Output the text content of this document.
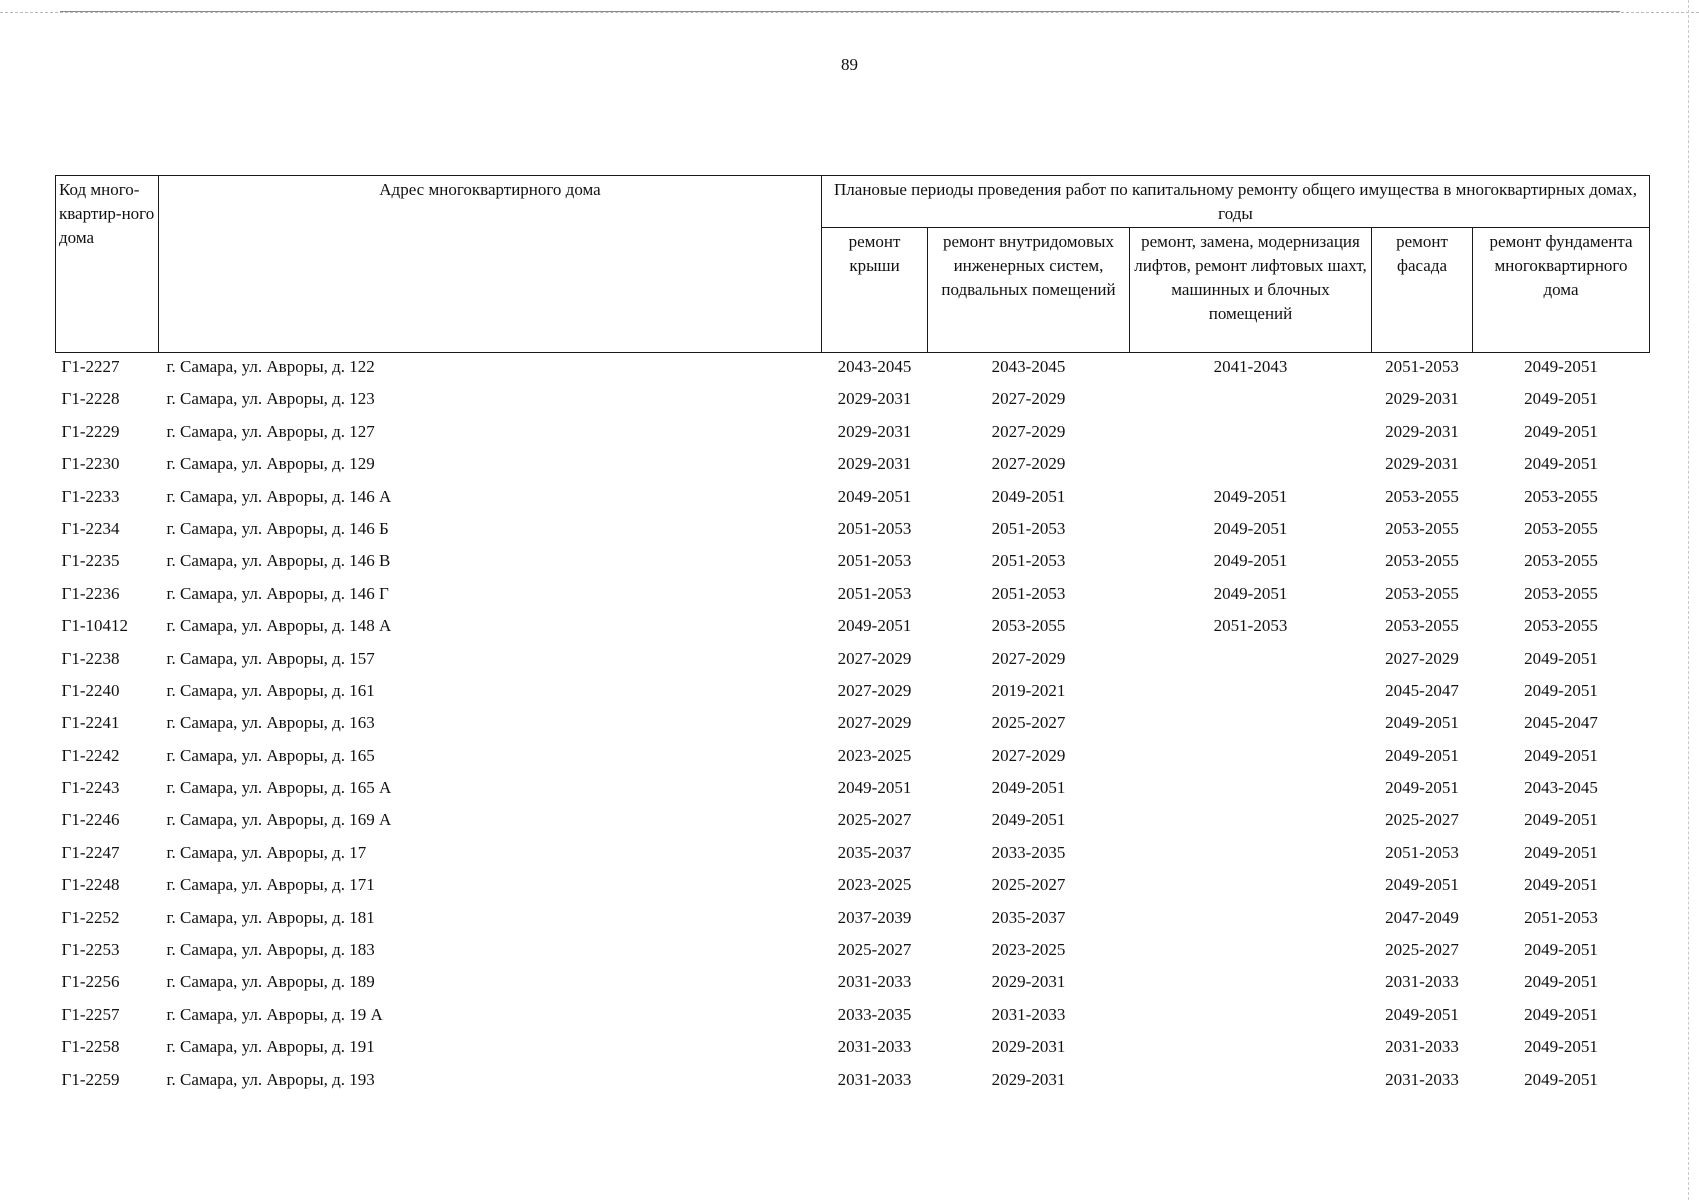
89
Код много-квартир-ного дома	Адрес многоквартирного дома	Плановые периоды проведения работ по капитальному ремонту общего имущества в многоквартирных домах, годы				
		ремонт крыши	ремонт внутридомовых инженерных систем, подвальных помещений	ремонт, замена, модернизация лифтов, ремонт лифтовых шахт, машинных и блочных помещений	ремонт фасада	ремонт фундамента многоквартирного дома
Г1-2227	г. Самара, ул. Авроры, д. 122	2043-2045	2043-2045	2041-2043	2051-2053	2049-2051
Г1-2228	г. Самара, ул. Авроры, д. 123	2029-2031	2027-2029		2029-2031	2049-2051
Г1-2229	г. Самара, ул. Авроры, д. 127	2029-2031	2027-2029		2029-2031	2049-2051
Г1-2230	г. Самара, ул. Авроры, д. 129	2029-2031	2027-2029		2029-2031	2049-2051
Г1-2233	г. Самара, ул. Авроры, д. 146 А	2049-2051	2049-2051	2049-2051	2053-2055	2053-2055
Г1-2234	г. Самара, ул. Авроры, д. 146 Б	2051-2053	2051-2053	2049-2051	2053-2055	2053-2055
Г1-2235	г. Самара, ул. Авроры, д. 146 В	2051-2053	2051-2053	2049-2051	2053-2055	2053-2055
Г1-2236	г. Самара, ул. Авроры, д. 146 Г	2051-2053	2051-2053	2049-2051	2053-2055	2053-2055
Г1-10412	г. Самара, ул. Авроры, д. 148 А	2049-2051	2053-2055	2051-2053	2053-2055	2053-2055
Г1-2238	г. Самара, ул. Авроры, д. 157	2027-2029	2027-2029		2027-2029	2049-2051
Г1-2240	г. Самара, ул. Авроры, д. 161	2027-2029	2019-2021		2045-2047	2049-2051
Г1-2241	г. Самара, ул. Авроры, д. 163	2027-2029	2025-2027		2049-2051	2045-2047
Г1-2242	г. Самара, ул. Авроры, д. 165	2023-2025	2027-2029		2049-2051	2049-2051
Г1-2243	г. Самара, ул. Авроры, д. 165 А	2049-2051	2049-2051		2049-2051	2043-2045
Г1-2246	г. Самара, ул. Авроры, д. 169 А	2025-2027	2049-2051		2025-2027	2049-2051
Г1-2247	г. Самара, ул. Авроры, д. 17	2035-2037	2033-2035		2051-2053	2049-2051
Г1-2248	г. Самара, ул. Авроры, д. 171	2023-2025	2025-2027		2049-2051	2049-2051
Г1-2252	г. Самара, ул. Авроры, д. 181	2037-2039	2035-2037		2047-2049	2051-2053
Г1-2253	г. Самара, ул. Авроры, д. 183	2025-2027	2023-2025		2025-2027	2049-2051
Г1-2256	г. Самара, ул. Авроры, д. 189	2031-2033	2029-2031		2031-2033	2049-2051
Г1-2257	г. Самара, ул. Авроры, д. 19 А	2033-2035	2031-2033		2049-2051	2049-2051
Г1-2258	г. Самара, ул. Авроры, д. 191	2031-2033	2029-2031		2031-2033	2049-2051
Г1-2259	г. Самара, ул. Авроры, д. 193	2031-2033	2029-2031		2031-2033	2049-2051
